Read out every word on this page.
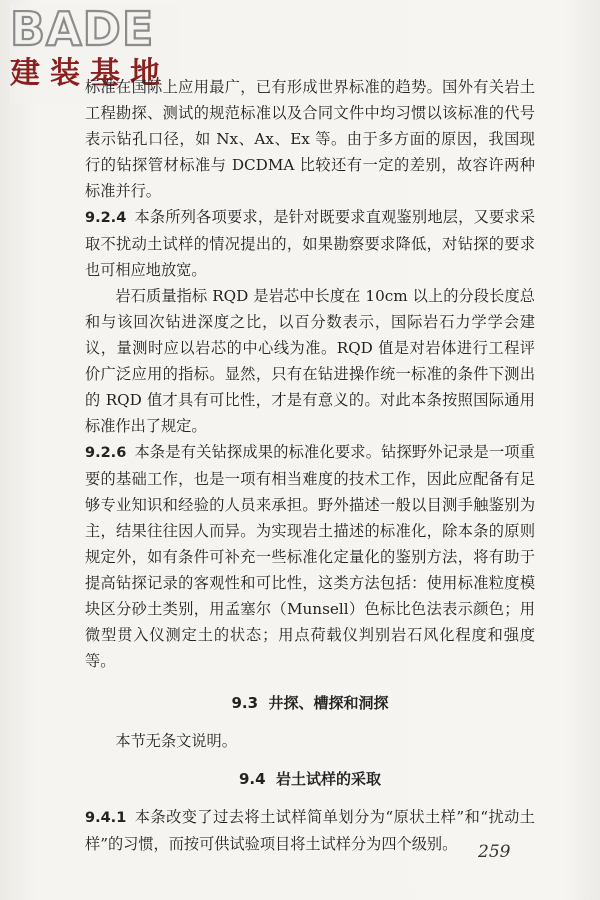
BADE
建装基地

标准在国际上应用最广，已有形成世界标准的趋势。国外有关岩土工程勘探、测试的规范标准以及合同文件中均习惯以该标准的代号表示钻孔口径，如 Nx、Ax、Ex 等。由于多方面的原因，我国现行的钻探管材标准与 DCDMA 比较还有一定的差别，故容许两种标准并行。

9.2.4 本条所列各项要求，是针对既要求直观鉴别地层，又要求采取不扰动土试样的情况提出的，如果勘察要求降低，对钻探的要求也可相应地放宽。

岩石质量指标 RQD 是岩芯中长度在 10cm 以上的分段长度总和与该回次钻进深度之比，以百分数表示，国际岩石力学学会建议，量测时应以岩芯的中心线为准。RQD 值是对岩体进行工程评价广泛应用的指标。显然，只有在钻进操作统一标准的条件下测出的 RQD 值才具有可比性，才是有意义的。对此本条按照国际通用标准作出了规定。

9.2.6 本条是有关钻探成果的标准化要求。钻探野外记录是一项重要的基础工作，也是一项有相当难度的技术工作，因此应配备有足够专业知识和经验的人员来承担。野外描述一般以目测手触鉴别为主，结果往往因人而异。为实现岩土描述的标准化，除本条的原则规定外，如有条件可补充一些标准化定量化的鉴别方法，将有助于提高钻探记录的客观性和可比性，这类方法包括：使用标准粒度模块区分砂土类别，用孟塞尔（Munsell）色标比色法表示颜色；用微型贯入仪测定土的状态；用点荷载仪判别岩石风化程度和强度等。

9.3 井探、槽探和洞探

本节无条文说明。

9.4 岩土试样的采取

9.4.1 本条改变了过去将土试样简单划分为“原状土样”和“扰动土样”的习惯，而按可供试验项目将土试样分为四个级别。	259
